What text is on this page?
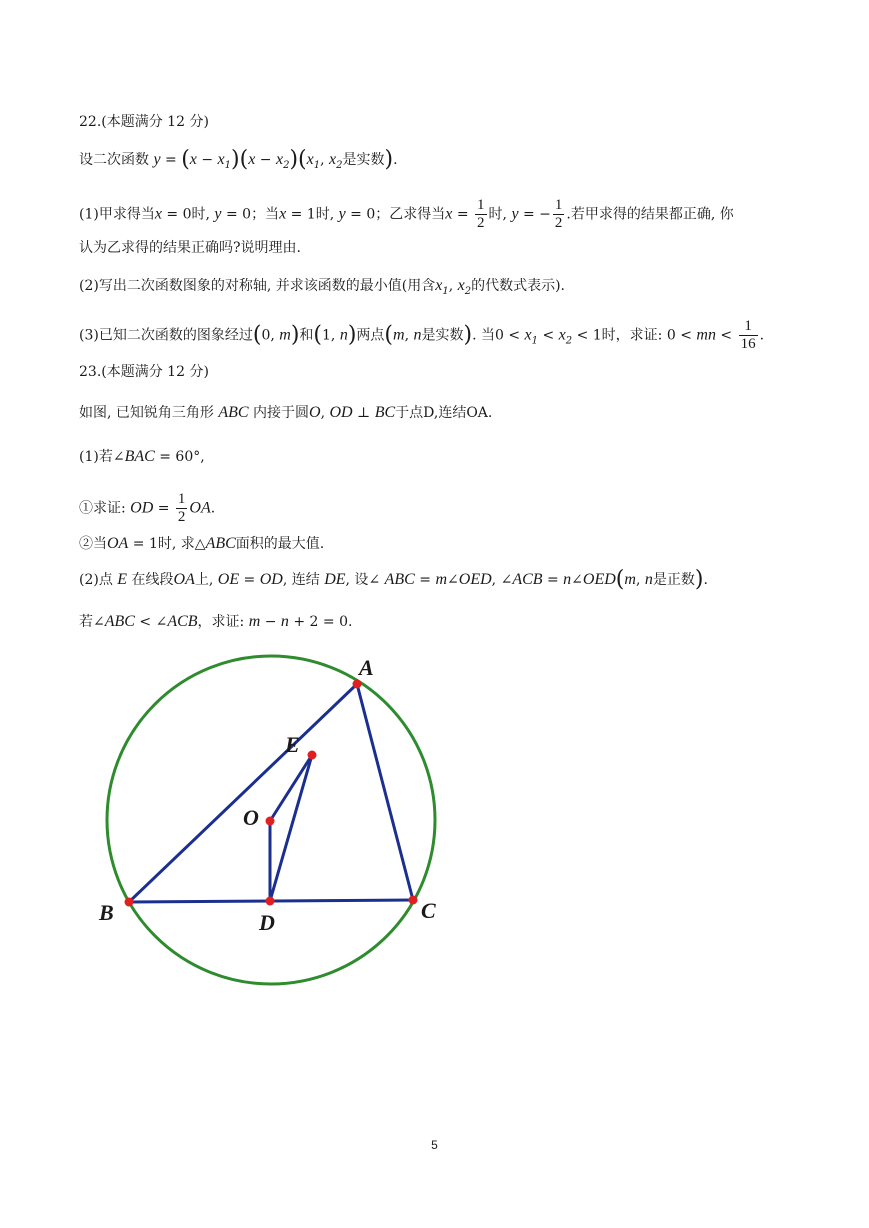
22.(本题满分 12 分)
设二次函数 $y = (x - x_1)(x - x_2)(x_1$, $x_2$是实数).
(1)甲求得当x = 0时, y = 0；当x = 1时, y = 0；乙求得当$x = \frac{1}{2}$ 时, y = − $\frac{1}{2}$ .若甲求得的结果都正确, 你
认为乙求得的结果正确吗?说明理由.
(2)写出二次函数图象的对称轴, 并求该函数的最小值(用含$x_1$, $x_2$的代数式表示).
(3)已知二次函数的图象经过(0, m)和(1, n)两点(m, n是实数). 当$0 < x_1 < x_2 < 1$时，求证: 0 < mn < $\frac{1}{16}$ .
23.(本题满分 12 分)
如图, 已知锐角三角形 ABC 内接于圆O, OD ⊥ BC于点D,连结OA.
(1)若∠BAC = 60°,
①求证: OD = $\frac{1}{2}$ OA.
②当OA = 1时, 求△ABC面积的最大值.
(2)点 E 在线段OA上, OE = OD, 连结 DE, 设∠ ABC = m∠OED, ∠ACB = n∠OED(m, n是正数).
若∠ABC < ∠ACB，求证: m − n + 2 = 0.
A
B	C
D
E
O
5
